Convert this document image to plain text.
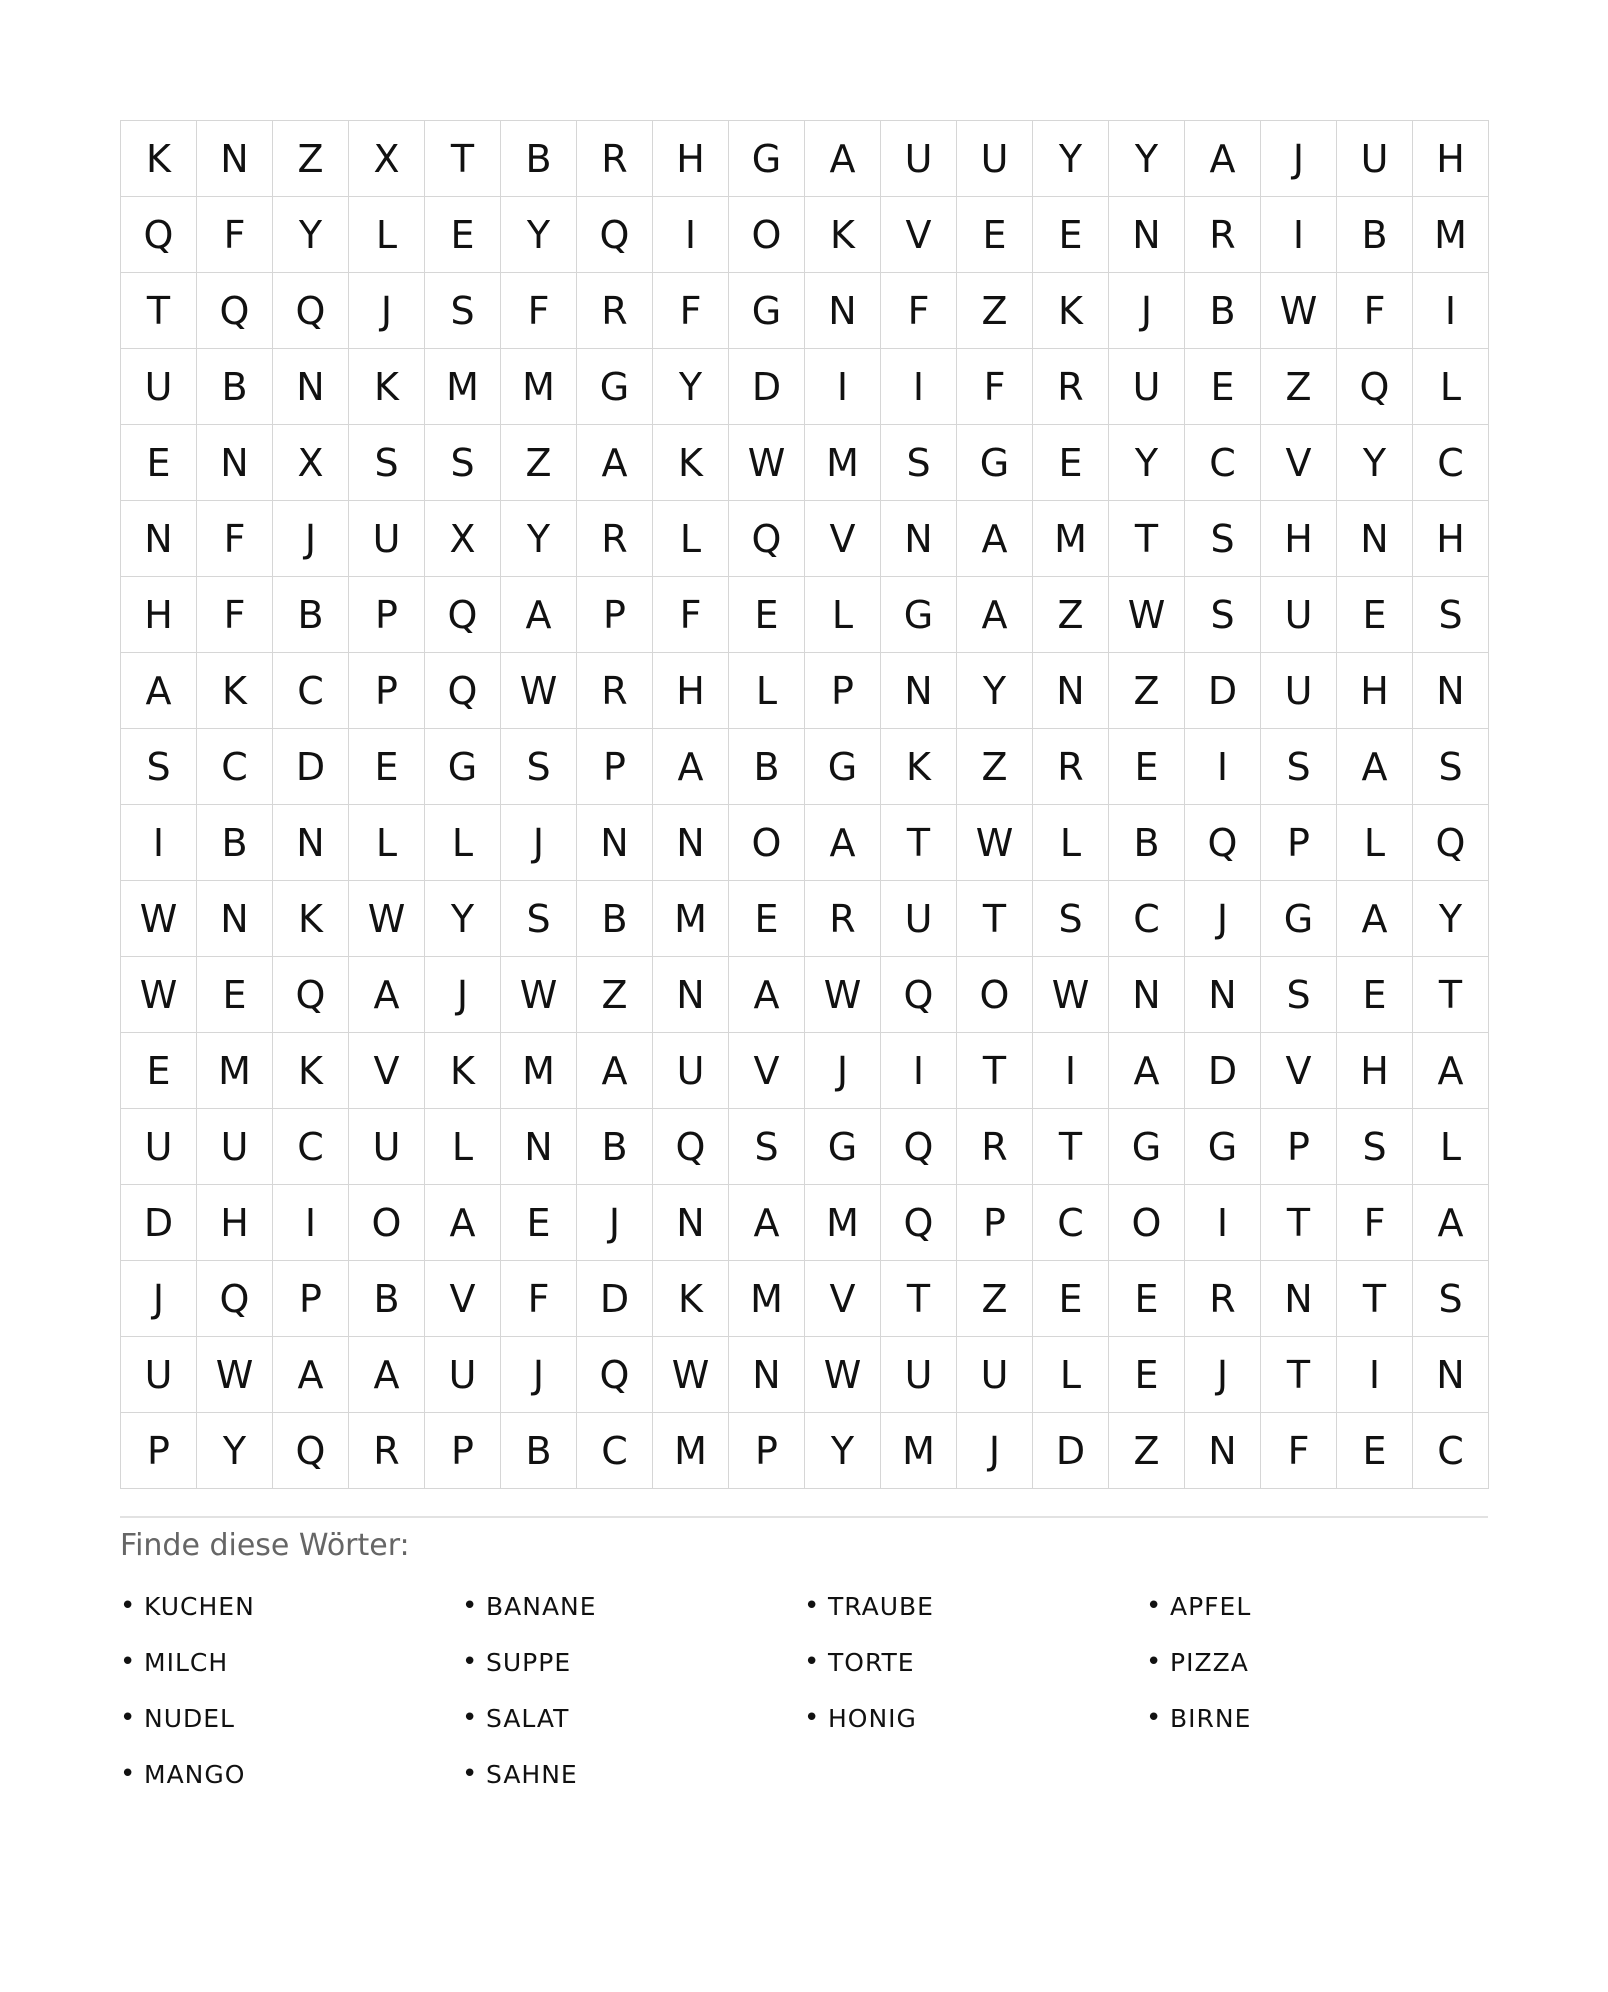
K	N	Z	X	T	B	R	H	G	A	U	U	Y	Y	A	J	U	H
Q	F	Y	L	E	Y	Q	I	O	K	V	E	E	N	R	I	B	M
T	Q	Q	J	S	F	R	F	G	N	F	Z	K	J	B	W	F	I
U	B	N	K	M	M	G	Y	D	I	I	F	R	U	E	Z	Q	L
E	N	X	S	S	Z	A	K	W	M	S	G	E	Y	C	V	Y	C
N	F	J	U	X	Y	R	L	Q	V	N	A	M	T	S	H	N	H
H	F	B	P	Q	A	P	F	E	L	G	A	Z	W	S	U	E	S
A	K	C	P	Q	W	R	H	L	P	N	Y	N	Z	D	U	H	N
S	C	D	E	G	S	P	A	B	G	K	Z	R	E	I	S	A	S
I	B	N	L	L	J	N	N	O	A	T	W	L	B	Q	P	L	Q
W	N	K	W	Y	S	B	M	E	R	U	T	S	C	J	G	A	Y
W	E	Q	A	J	W	Z	N	A	W	Q	O	W	N	N	S	E	T
E	M	K	V	K	M	A	U	V	J	I	T	I	A	D	V	H	A
U	U	C	U	L	N	B	Q	S	G	Q	R	T	G	G	P	S	L
D	H	I	O	A	E	J	N	A	M	Q	P	C	O	I	T	F	A
J	Q	P	B	V	F	D	K	M	V	T	Z	E	E	R	N	T	S
U	W	A	A	U	J	Q	W	N	W	U	U	L	E	J	T	I	N
P	Y	Q	R	P	B	C	M	P	Y	M	J	D	Z	N	F	E	C
Finde diese Wörter:
• KUCHEN	• BANANE	• TRAUBE	• APFEL
• MILCH	• SUPPE	• TORTE	• PIZZA
• NUDEL	• SALAT	• HONIG	• BIRNE
• MANGO	• SAHNE
